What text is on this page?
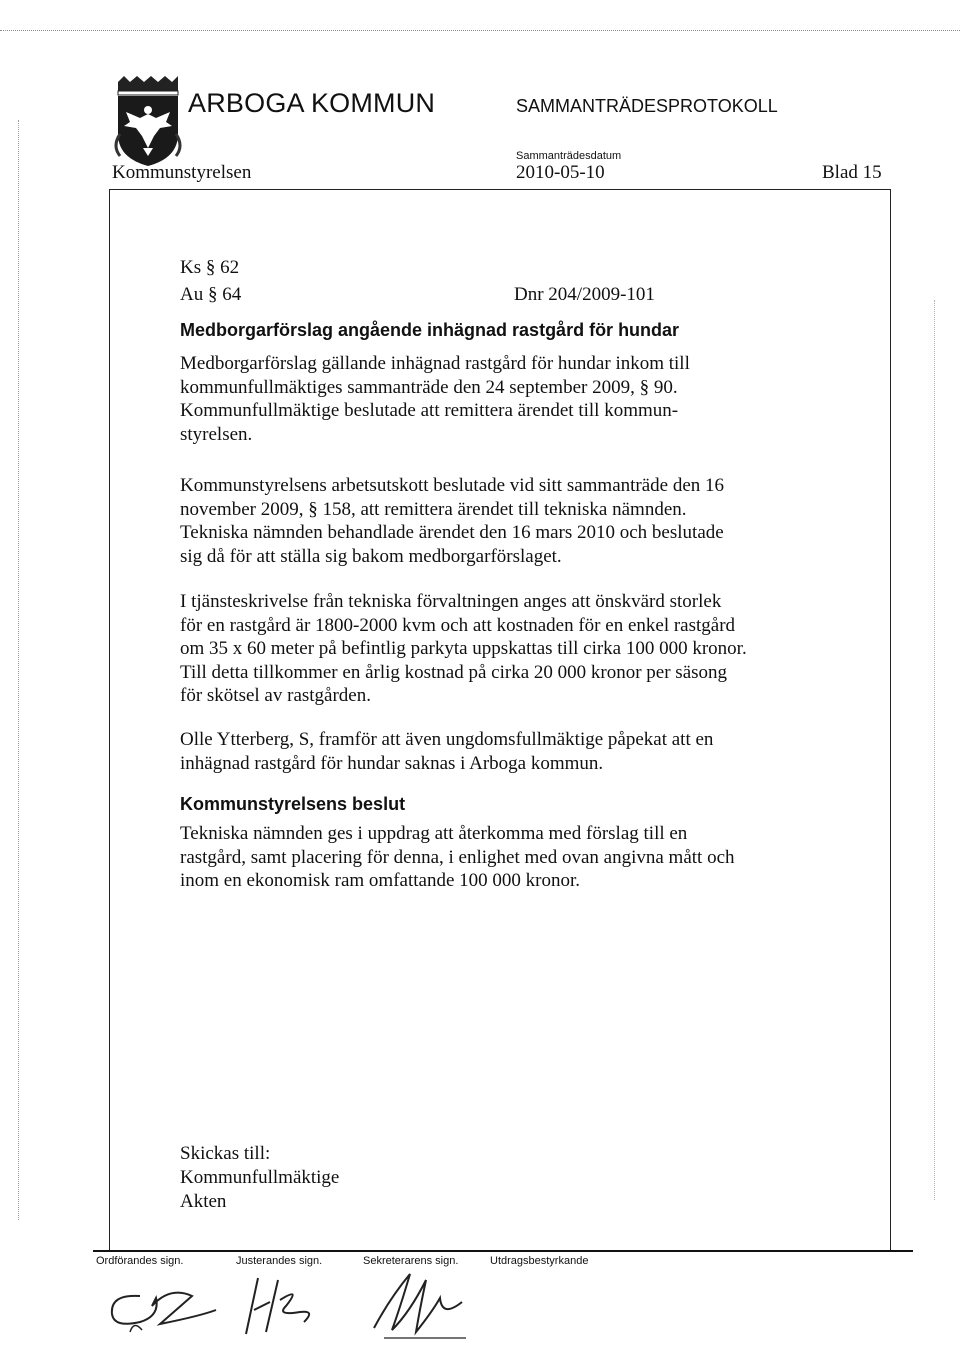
ARBOGA KOMMUN	SAMMANTRÄDESPROTOKOLL
Sammanträdesdatum
Kommunstyrelsen	2010-05-10	Blad 15
Ks § 62
Au § 64	Dnr 204/2009-101
Medborgarförslag angående inhägnad rastgård för hundar
Medborgarförslag gällande inhägnad rastgård för hundar inkom till
kommunfullmäktiges sammanträde den 24 september 2009, § 90.
Kommunfullmäktige beslutade att remittera ärendet till kommun-
styrelsen.
Kommunstyrelsens arbetsutskott beslutade vid sitt sammanträde den 16
november 2009, § 158, att remittera ärendet till tekniska nämnden.
Tekniska nämnden behandlade ärendet den 16 mars 2010 och beslutade
sig då för att ställa sig bakom medborgarförslaget.
I tjänsteskrivelse från tekniska förvaltningen anges att önskvärd storlek
för en rastgård är 1800-2000 kvm och att kostnaden för en enkel rastgård
om 35 x 60 meter på befintlig parkyta uppskattas till cirka 100 000 kronor.
Till detta tillkommer en årlig kostnad på cirka 20 000 kronor per säsong
för skötsel av rastgården.
Olle Ytterberg, S, framför att även ungdomsfullmäktige påpekat att en
inhägnad rastgård för hundar saknas i Arboga kommun.
Kommunstyrelsens beslut
Tekniska nämnden ges i uppdrag att återkomma med förslag till en
rastgård, samt placering för denna, i enlighet med ovan angivna mått och
inom en ekonomisk ram omfattande 100 000 kronor.
Skickas till:
Kommunfullmäktige
Akten
Ordförandes sign.	Justerandes sign.	Sekreterarens sign.	Utdragsbestyrkande
